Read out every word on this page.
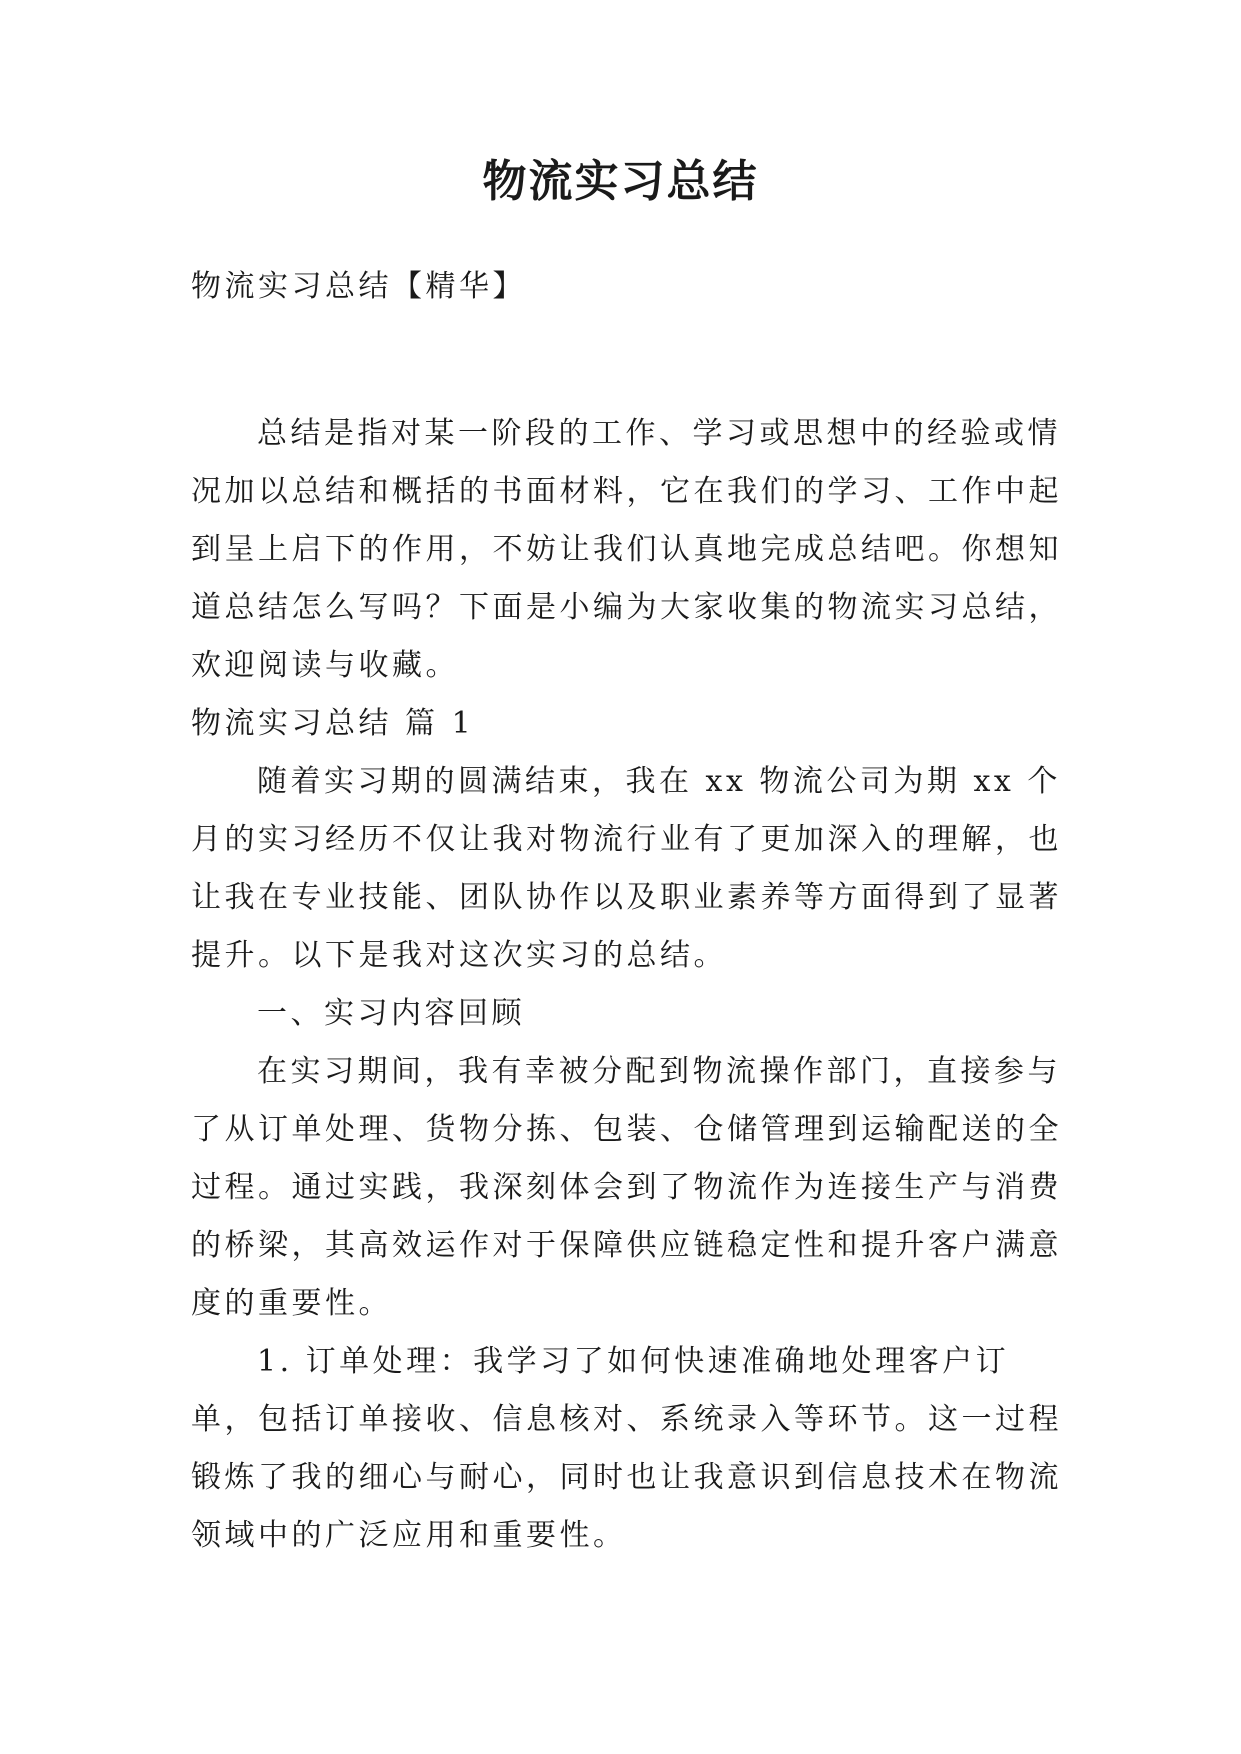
物流实习总结

物流实习总结【精华】

总结是指对某一阶段的工作、学习或思想中的经验或情况加以总结和概括的书面材料，它在我们的学习、工作中起到呈上启下的作用，不妨让我们认真地完成总结吧。你想知道总结怎么写吗？下面是小编为大家收集的物流实习总结，欢迎阅读与收藏。

物流实习总结 篇 1

随着实习期的圆满结束，我在 xx 物流公司为期 xx 个月的实习经历不仅让我对物流行业有了更加深入的理解，也让我在专业技能、团队协作以及职业素养等方面得到了显著提升。以下是我对这次实习的总结。

一、实习内容回顾

在实习期间，我有幸被分配到物流操作部门，直接参与了从订单处理、货物分拣、包装、仓储管理到运输配送的全过程。通过实践，我深刻体会到了物流作为连接生产与消费的桥梁，其高效运作对于保障供应链稳定性和提升客户满意度的重要性。

1. 订单处理：我学习了如何快速准确地处理客户订单，包括订单接收、信息核对、系统录入等环节。这一过程锻炼了我的细心与耐心，同时也让我意识到信息技术在物流领域中的广泛应用和重要性。
